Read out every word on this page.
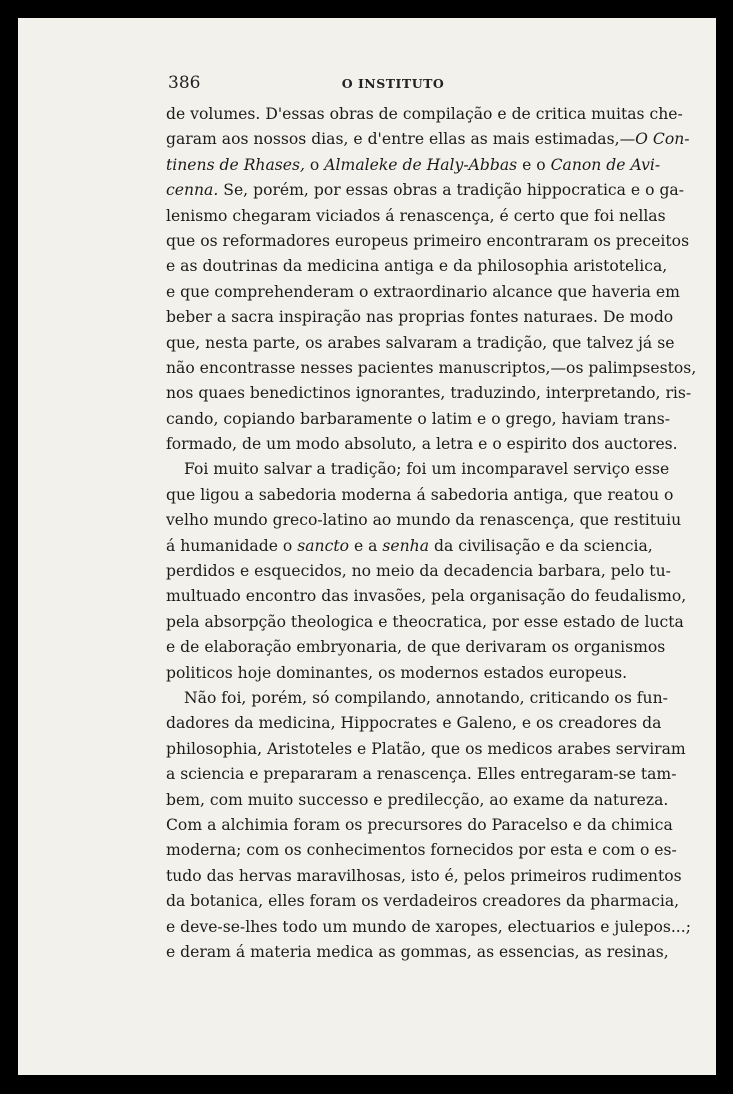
386	O INSTITUTO
de volumes. D'essas obras de compilação e de critica muitas che-
garam aos nossos dias, e d'entre ellas as mais estimadas,—O Con-
tinens de Rhases, o Almaleke de Haly-Abbas e o Canon de Avi-
cenna. Se, porém, por essas obras a tradição hippocratica e o ga-
lenismo chegaram viciados á renascença, é certo que foi nellas
que os reformadores europeus primeiro encontraram os preceitos
e as doutrinas da medicina antiga e da philosophia aristotelica,
e que comprehenderam o extraordinario alcance que haveria em
beber a sacra inspiração nas proprias fontes naturaes. De modo
que, nesta parte, os arabes salvaram a tradição, que talvez já se
não encontrasse nesses pacientes manuscriptos,—os palimpsestos,
nos quaes benedictinos ignorantes, traduzindo, interpretando, ris-
cando, copiando barbaramente o latim e o grego, haviam trans-
formado, de um modo absoluto, a letra e o espirito dos auctores.
Foi muito salvar a tradição; foi um incomparavel serviço esse
que ligou a sabedoria moderna á sabedoria antiga, que reatou o
velho mundo greco-latino ao mundo da renascença, que restituiu
á humanidade o sancto e a senha da civilisação e da sciencia,
perdidos e esquecidos, no meio da decadencia barbara, pelo tu-
multuado encontro das invasões, pela organisação do feudalismo,
pela absorpção theologica e theocratica, por esse estado de lucta
e de elaboração embryonaria, de que derivaram os organismos
politicos hoje dominantes, os modernos estados europeus.
Não foi, porém, só compilando, annotando, criticando os fun-
dadores da medicina, Hippocrates e Galeno, e os creadores da
philosophia, Aristoteles e Platão, que os medicos arabes serviram
a sciencia e prepararam a renascença. Elles entregaram-se tam-
bem, com muito successo e predilecção, ao exame da natureza.
Com a alchimia foram os precursores do Paracelso e da chimica
moderna; com os conhecimentos fornecidos por esta e com o es-
tudo das hervas maravilhosas, isto é, pelos primeiros rudimentos
da botanica, elles foram os verdadeiros creadores da pharmacia,
e deve-se-lhes todo um mundo de xaropes, electuarios e julepos...;
e deram á materia medica as gommas, as essencias, as resinas,
